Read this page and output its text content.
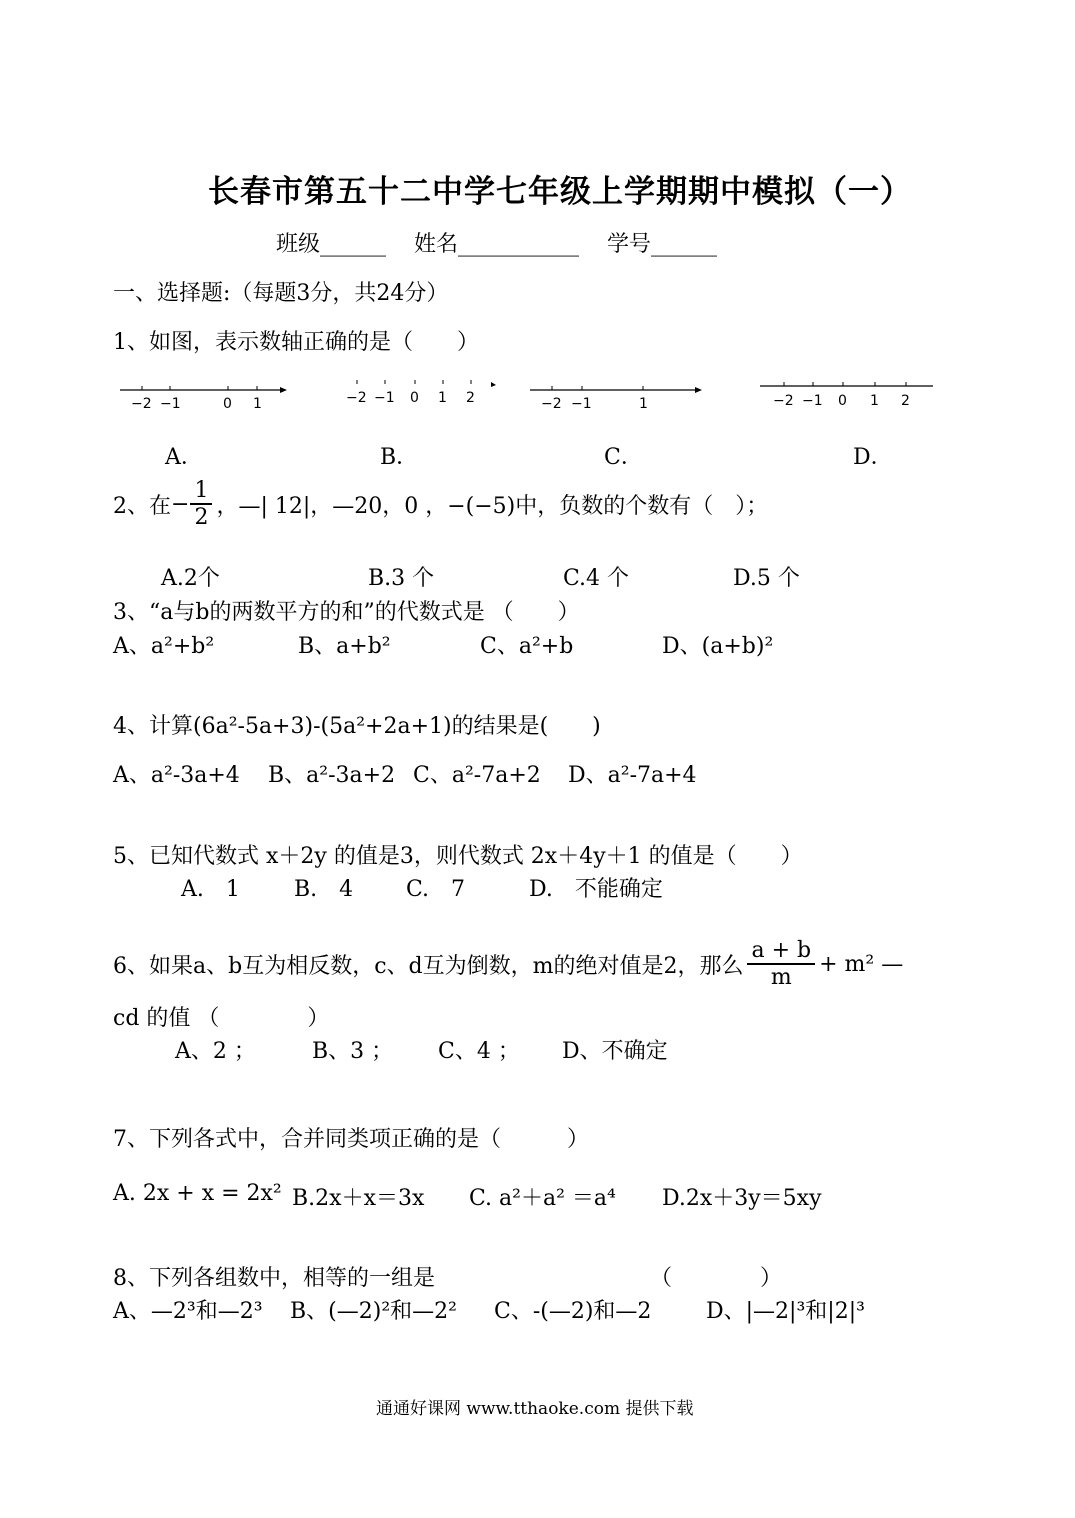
长春市第五十二中学七年级上学期期中模拟（一）
班级______ 姓名___________ 学号______
一、选择题:（每题3分，共24分）
1、如图，表示数轴正确的是（　　）
−2 −1	0 1	−2 −1 0 1 2	−2 −1	1	−2 −1 0 1 2
A．	B．	C．	D．
2、在 − $\frac{1}{2}$ ，—| 12|，—20，0 ，−(−5)中，负数的个数有（　）；
A.2个	B.3 个	C.4 个	D.5 个
3、“a与b的两数平方的和”的代数式是 （　　）
A、a²+b²	B、a+b²	C、a²+b	D、(a+b)²
4、计算(6a²-5a+3)-(5a²+2a+1)的结果是(　　)
A、a²-3a+4 B、a²-3a+2 C、a²-7a+2 D、a²-7a+4
5、已知代数式 x＋2y 的值是3，则代数式 2x＋4y＋1 的值是（　　）
A.　1 B.　4 C.　7	D.　不能确定
6、如果a、b互为相反数，c、d互为倒数，m的绝对值是2，那么 $\frac{a + b}{m} + m^2$ —
cd 的值 （　　　　）
A、2 ；	B、3 ； C、4 ； D、不确定
7、下列各式中，合并同类项正确的是（　　　）
A. 2x + x = 2x² B.2x＋x＝3x C. a²＋a² ＝a⁴ D.2x＋3y＝5xy
8、下列各组数中，相等的一组是	（　　　　）
A、—2³和—2³ B、(—2)²和—2² C、-(—2)和—2 D、|—2|³和|2|³
通通好课网 www.tthaoke.com 提供下载
